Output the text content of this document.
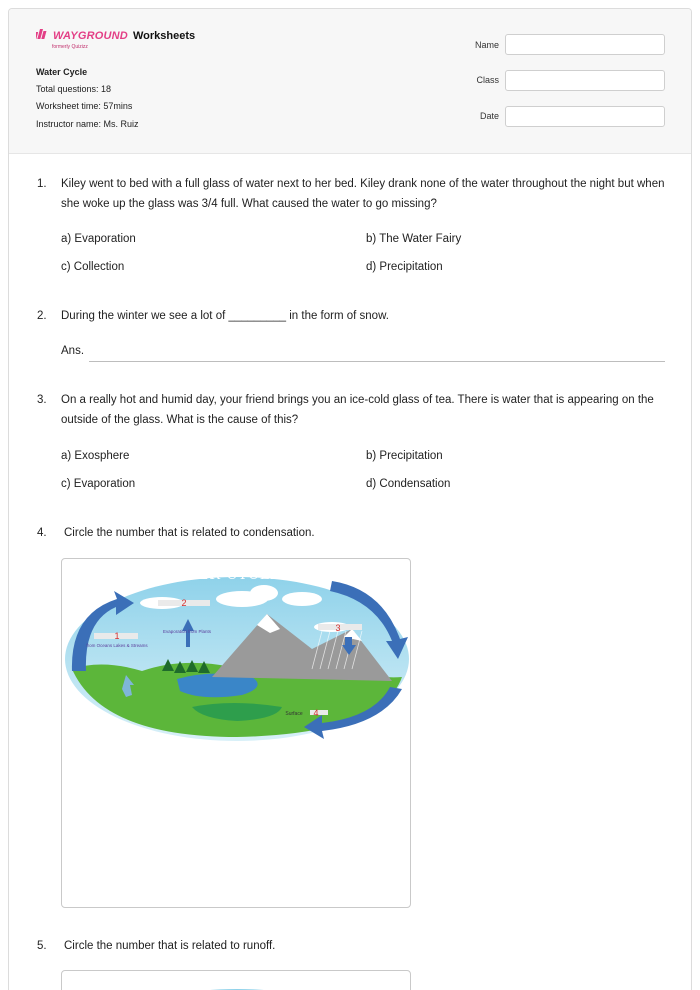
WAYGROUND
formerly Quizizz
Worksheets
Water Cycle
Total questions: 18
Worksheet time: 57mins
Instructor name: Ms. Ruiz
Name
Class
Date
1. Kiley went to bed with a full glass of water next to her bed. Kiley drank none of the water throughout the night but when she woke up the glass was 3/4 full. What caused the water to go missing?
a) Evaporation	b) The Water Fairy
c) Collection	d) Precipitation
2. During the winter we see a lot of _________ in the form of snow.
Ans.
3. On a really hot and humid day, your friend brings you an ice-cold glass of tea. There is water that is appearing on the outside of the glass. What is the cause of this?
a) Exosphere	b) Precipitation
c) Evaporation	d) Condensation
4. Circle the number that is related to condensation.
WATER CYCLE
from Oceans Lakes & Streams
Evaporation from Plants
Surface
1
2
3
4
5. Circle the number that is related to runoff.
WATER CYCLE
